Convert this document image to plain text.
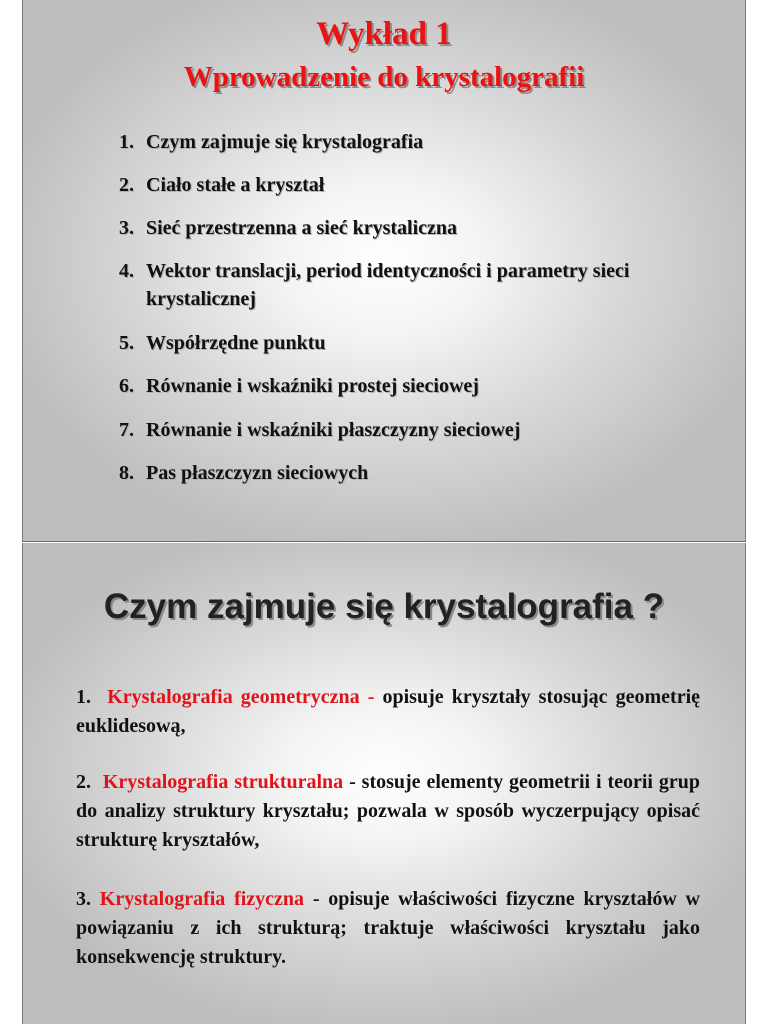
Wykład 1
Wprowadzenie do krystalografii
1. Czym zajmuje się krystalografia
2. Ciało stałe a kryształ
3. Sieć przestrzenna a sieć krystaliczna
4. Wektor translacji, period identyczności i parametry sieci krystalicznej
5. Współrzędne punktu
6. Równanie i wskaźniki prostej sieciowej
7. Równanie i wskaźniki płaszczyzny sieciowej
8. Pas płaszczyzn sieciowych
Czym zajmuje się krystalografia ?

1. Krystalografia geometryczna - opisuje kryształy stosując geometrię euklidesową,

2. Krystalografia strukturalna - stosuje elementy geometrii i teorii grup do analizy struktury kryształu; pozwala w sposób wyczerpujący opisać strukturę kryształów,

3. Krystalografia fizyczna - opisuje właściwości fizyczne kryształów w powiązaniu z ich strukturą; traktuje właściwości kryształu jako konsekwencję struktury.
